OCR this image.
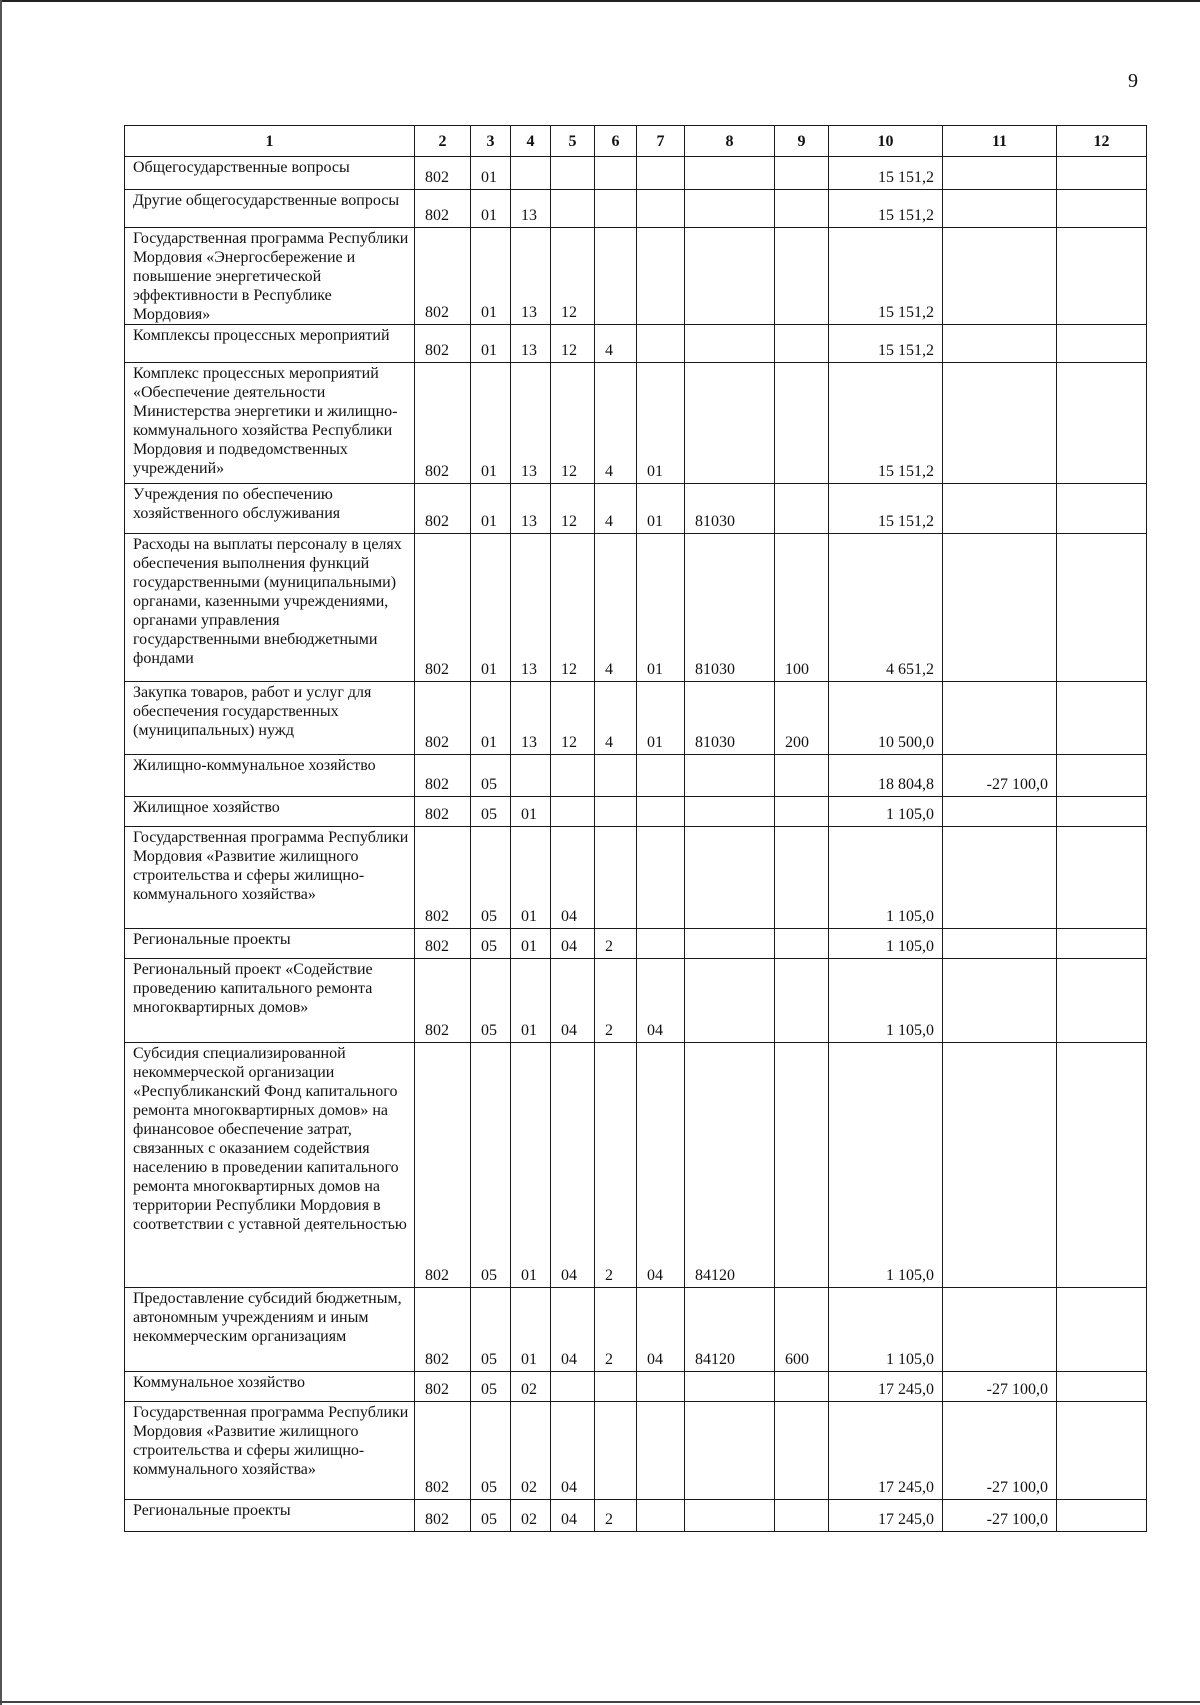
9
1	2	3	4	5	6	7	8	9	10	11	12
Общегосударственные вопросы	802	01							15 151,2		
Другие общегосударственные вопросы	802	01	13						15 151,2		
Государственная программа Республики Мордовия «Энергосбережение и повышение энергетической эффективности в Республике Мордовия»	802	01	13	12					15 151,2		
Комплексы процессных мероприятий	802	01	13	12	4				15 151,2		
Комплекс процессных мероприятий «Обеспечение деятельности Министерства энергетики и жилищно-коммунального хозяйства Республики Мордовия и подведомственных учреждений»	802	01	13	12	4	01			15 151,2		
Учреждения по обеспечению хозяйственного обслуживания	802	01	13	12	4	01	81030		15 151,2		
Расходы на выплаты персоналу в целях обеспечения выполнения функций государственными (муниципальными) органами, казенными учреждениями, органами управления государственными внебюджетными фондами	802	01	13	12	4	01	81030	100	4 651,2		
Закупка товаров, работ и услуг для обеспечения государственных (муниципальных) нужд	802	01	13	12	4	01	81030	200	10 500,0		
Жилищно-коммунальное хозяйство	802	05							18 804,8	-27 100,0	
Жилищное хозяйство	802	05	01						1 105,0		
Государственная программа Республики Мордовия «Развитие жилищного строительства и сферы жилищно-коммунального хозяйства»	802	05	01	04					1 105,0		
Региональные проекты	802	05	01	04	2				1 105,0		
Региональный проект «Содействие проведению капитального ремонта многоквартирных домов»	802	05	01	04	2	04			1 105,0		
Субсидия специализированной некоммерческой организации «Республиканский Фонд капитального ремонта многоквартирных домов» на финансовое обеспечение затрат, связанных с оказанием содействия населению в проведении капитального ремонта многоквартирных домов на территории Республики Мордовия в соответствии с уставной деятельностью	802	05	01	04	2	04	84120		1 105,0		
Предоставление субсидий бюджетным, автономным учреждениям и иным некоммерческим организациям	802	05	01	04	2	04	84120	600	1 105,0		
Коммунальное хозяйство	802	05	02						17 245,0	-27 100,0	
Государственная программа Республики Мордовия «Развитие жилищного строительства и сферы жилищно-коммунального хозяйства»	802	05	02	04					17 245,0	-27 100,0	
Региональные проекты	802	05	02	04	2				17 245,0	-27 100,0	
